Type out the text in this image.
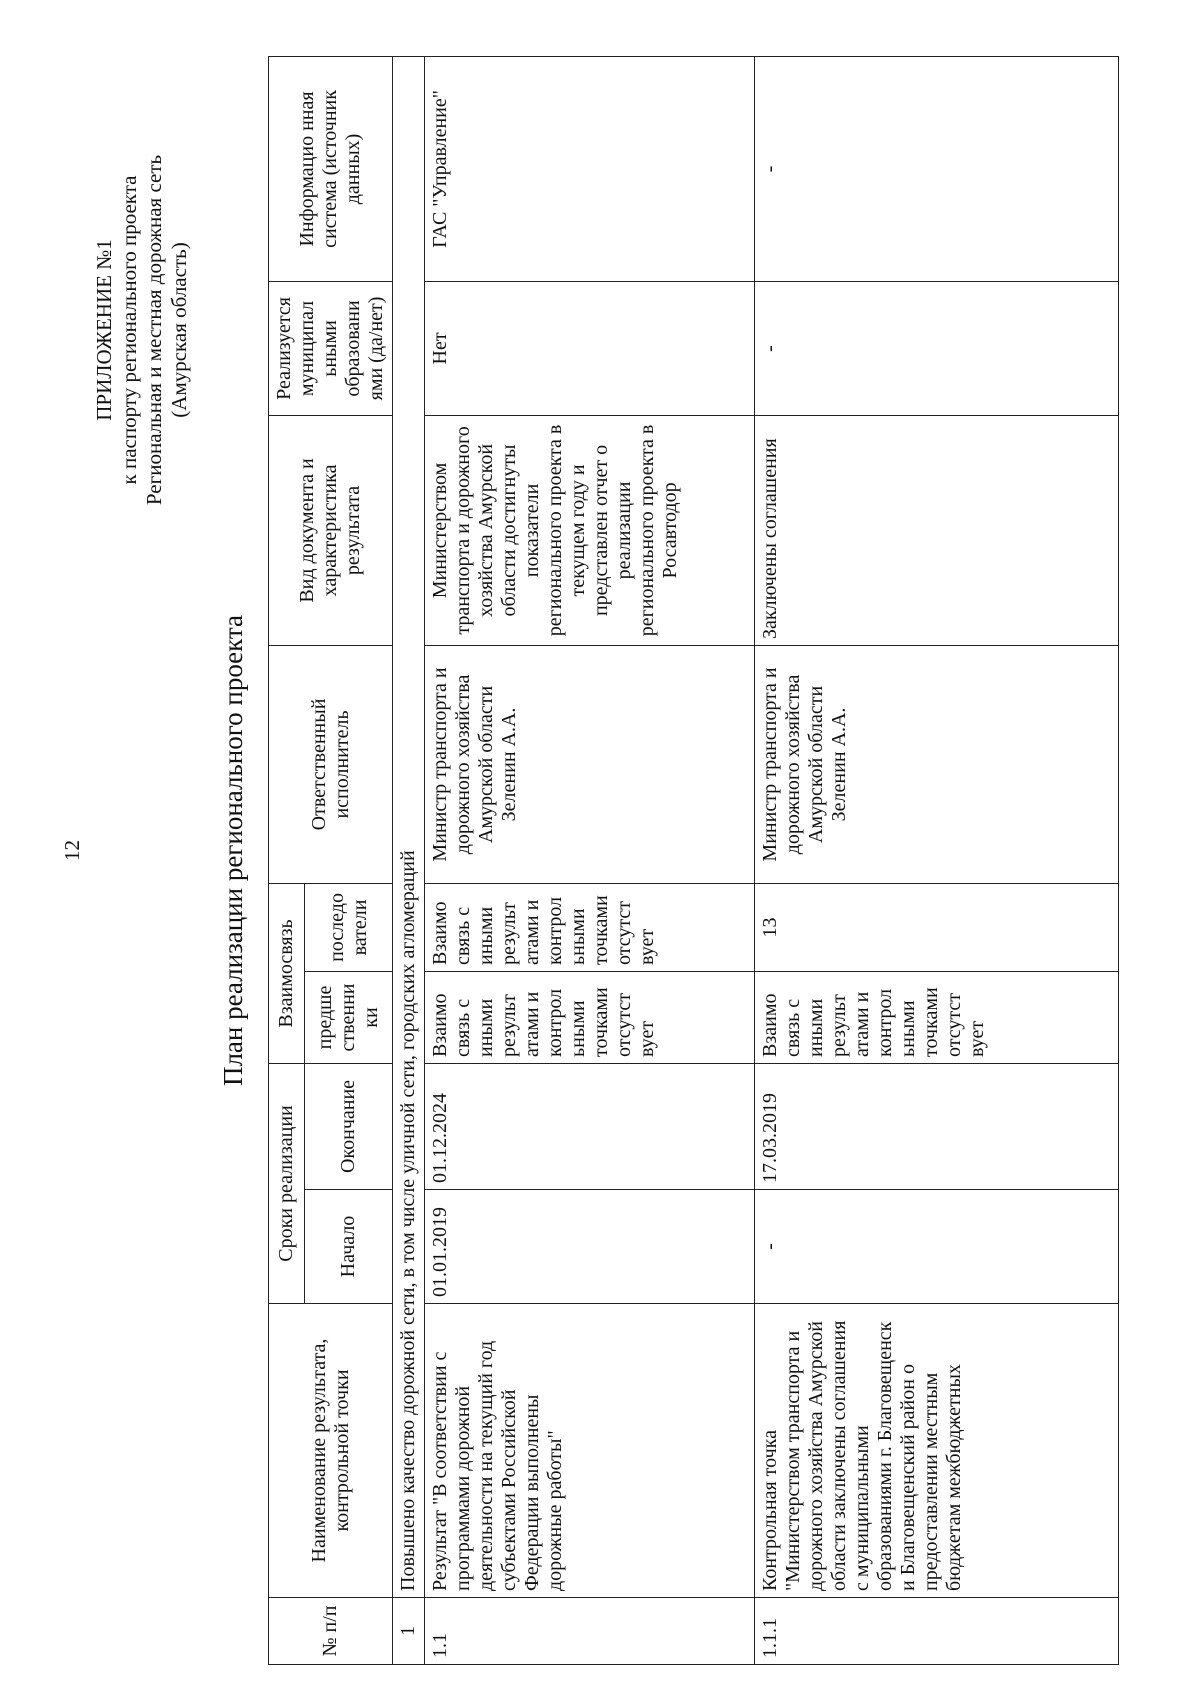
12
ПРИЛОЖЕНИЕ №1 к паспорту регионального проекта Региональная и местная дорожная сеть (Амурская область)
План реализации регионального проекта
№ п/п	Наименование результата, контрольной точки	Сроки реализации		Взаимосвязь		Ответственный исполнитель	Вид документа и характеристика результата	Реализуется муниципал ьными образовани ями (да/нет)	Информацио нная система (источник данных)
		Начало	Окончание	предше ственни ки	последо ватели				
1	Повышено качество дорожной сети, в том числе уличной сети, городских агломераций								
1.1	Результат "В соответствии с программами дорожной деятельности на текущий год субъектами Российской Федерации выполнены дорожные работы"	01.01.2019	01.12.2024	Взаимо связь с иными результ атами и контрол ьными точками отсутст вует	Взаимо связь с иными результ атами и контрол ьными точками отсутст вует	Министр транспорта и дорожного хозяйства Амурской области Зеленин А.А.	Министерством транспорта и дорожного хозяйства Амурской области достигнуты показатели регионального проекта в текущем году и представлен отчет о реализации регионального проекта в Росавтодор	Нет	ГАС "Управление"
1.1.1	Контрольная точка "Министерством транспорта и дорожного хозяйства Амурской области заключены соглашения с муниципальными образованиями г. Благовещенск и Благовещенский район о предоставлении местным бюджетам межбюджетных	-	17.03.2019	Взаимо связь с иными результ атами и контрол ьными точками отсутст вует	13	Министр транспорта и дорожного хозяйства Амурской области Зеленин А.А.	Заключены соглашения	-	-
